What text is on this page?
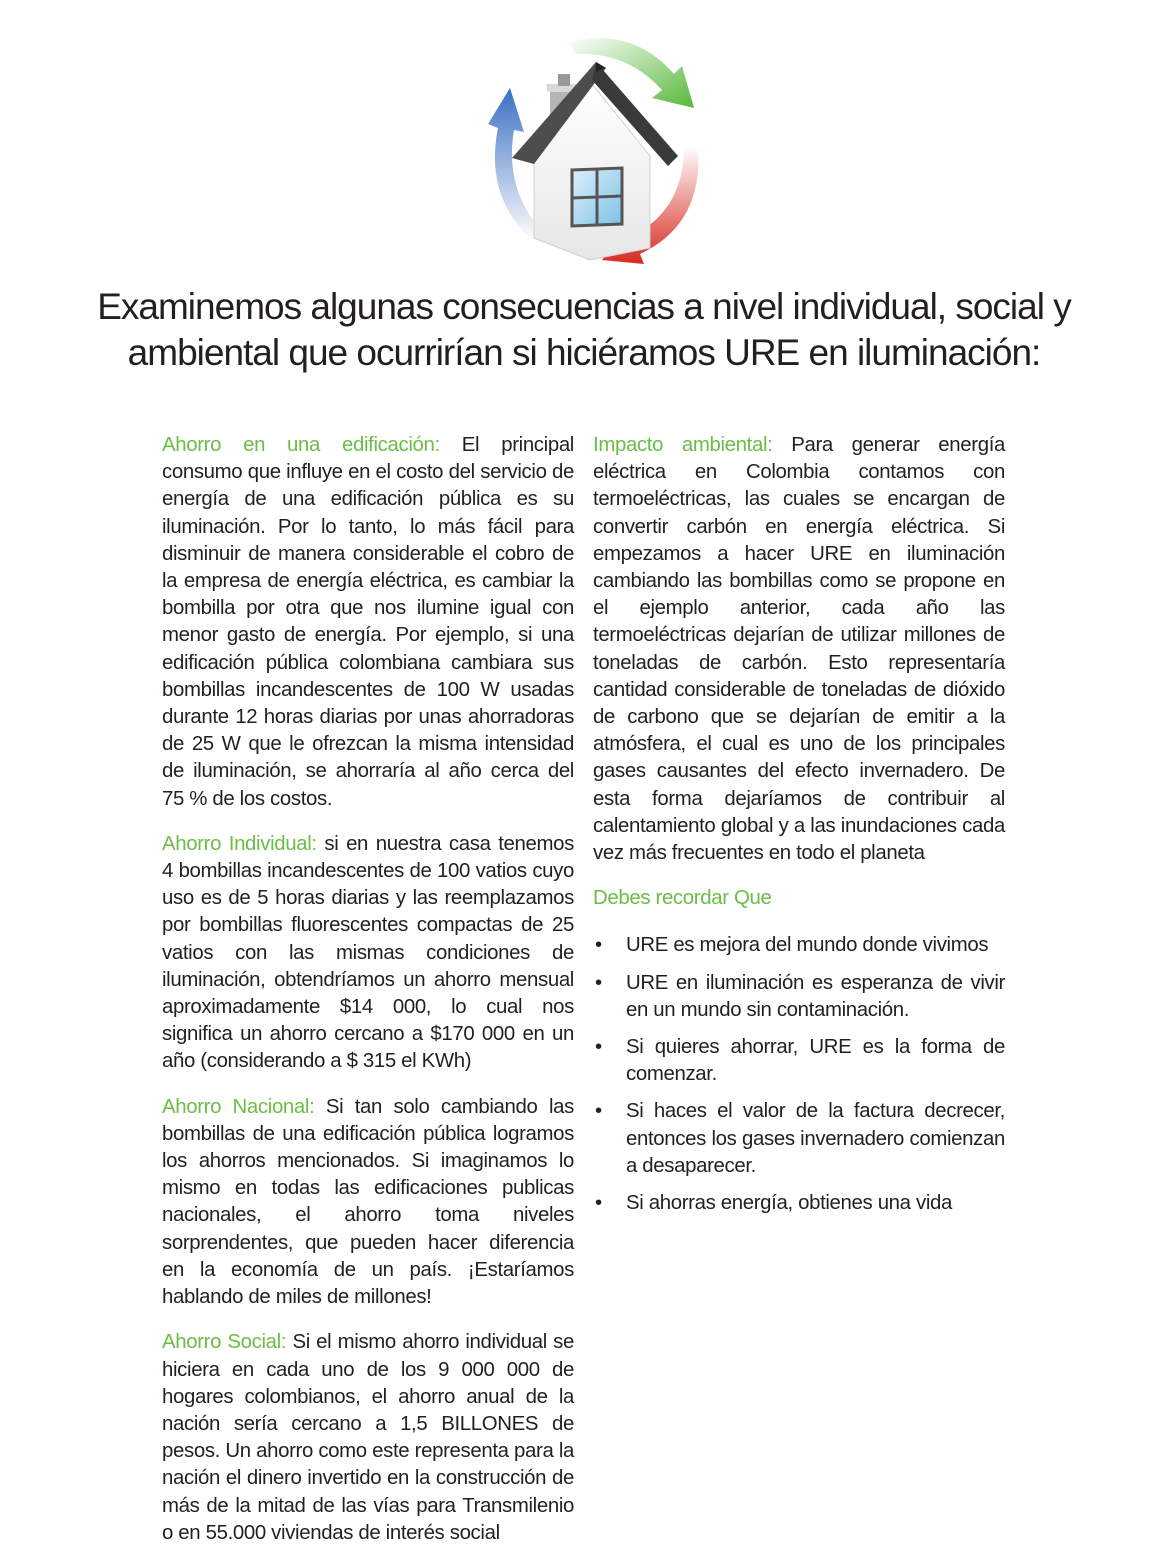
Examinemos algunas consecuencias a nivel individual, social y
ambiental que ocurrirían si hiciéramos URE en iluminación:

Ahorro en una edificación: El principal consumo que influye en el costo del servicio de energía de una edificación pública es su iluminación. Por lo tanto, lo más fácil para disminuir de manera considerable el cobro de la empresa de energía eléctrica, es cambiar la bombilla por otra que nos ilumine igual con menor gasto de energía. Por ejemplo, si una edificación pública colombiana cambiara sus bombillas incandescentes de 100 W usadas durante 12 horas diarias por unas ahorradoras de 25 W que le ofrezcan la misma intensidad de iluminación, se ahorraría al año cerca del 75 % de los costos.

Ahorro Individual: si en nuestra casa tenemos 4 bombillas incandescentes de 100 vatios cuyo uso es de 5 horas diarias y las reemplazamos por bombillas fluorescentes compactas de 25 vatios con las mismas condiciones de iluminación, obtendríamos un ahorro mensual aproximadamente $14 000, lo cual nos significa un ahorro cercano a $170 000 en un año (considerando a $ 315 el KWh)

Ahorro Nacional: Si tan solo cambiando las bombillas de una edificación pública logramos los ahorros mencionados. Si imaginamos lo mismo en todas las edificaciones publicas nacionales, el ahorro toma niveles sorprendentes, que pueden hacer diferencia en la economía de un país. ¡Estaríamos hablando de miles de millones!

Ahorro Social: Si el mismo ahorro individual se hiciera en cada uno de los 9 000 000 de hogares colombianos, el ahorro anual de la nación sería cercano a 1,5 BILLONES de pesos. Un ahorro como este representa para la nación el dinero invertido en la construcción de más de la mitad de las vías para Transmilenio o en 55.000 viviendas de interés social

Impacto ambiental: Para generar energía eléctrica en Colombia contamos con termoeléctricas, las cuales se encargan de convertir carbón en energía eléctrica. Si empezamos a hacer URE en iluminación cambiando las bombillas como se propone en el ejemplo anterior, cada año las termoeléctricas dejarían de utilizar millones de toneladas de carbón. Esto representaría cantidad considerable de toneladas de dióxido de carbono que se dejarían de emitir a la atmósfera, el cual es uno de los principales gases causantes del efecto invernadero. De esta forma dejaríamos de contribuir al calentamiento global y a las inundaciones cada vez más frecuentes en todo el planeta

Debes recordar Que
• URE es mejora del mundo donde vivimos
• URE en iluminación es esperanza de vivir en un mundo sin contaminación.
• Si quieres ahorrar, URE es la forma de comenzar.
• Si haces el valor de la factura decrecer, entonces los gases invernadero comienzan a desaparecer.
• Si ahorras energía, obtienes una vida
